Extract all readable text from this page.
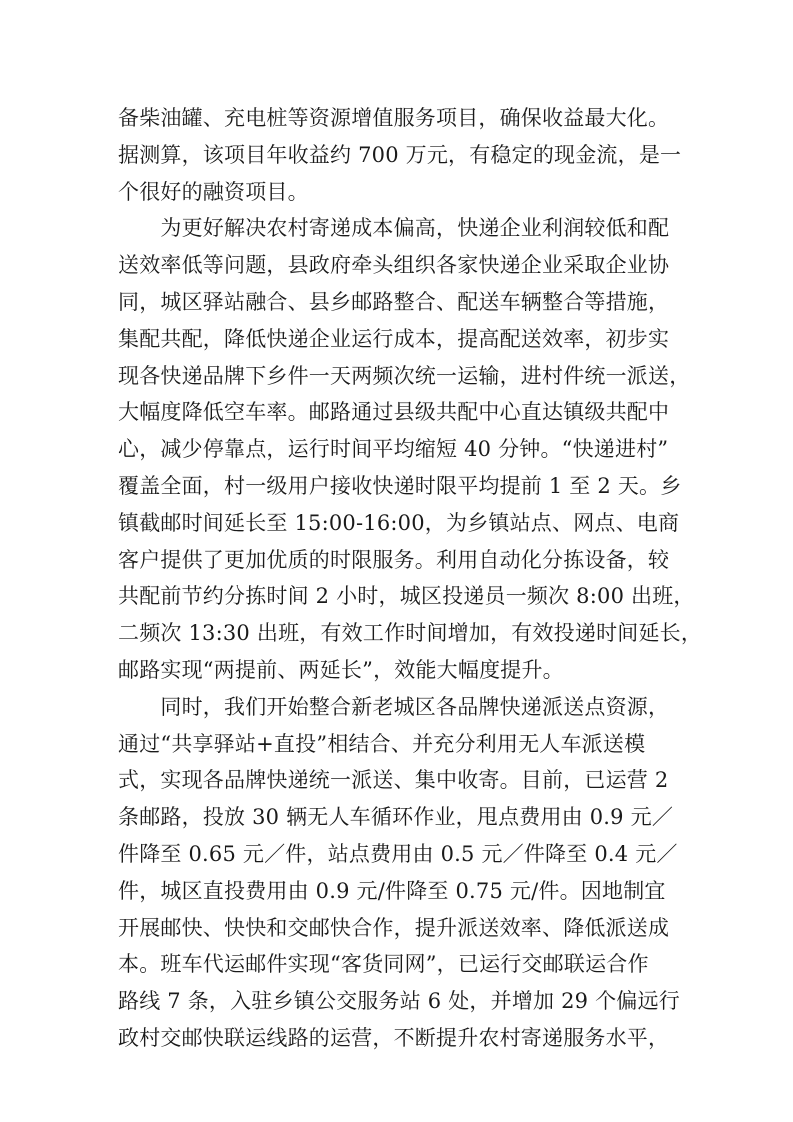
备柴油罐、充电桩等资源增值服务项目，确保收益最大化。
据测算，该项目年收益约 700 万元，有稳定的现金流，是一
个很好的融资项目。
　　为更好解决农村寄递成本偏高，快递企业利润较低和配
送效率低等问题，县政府牵头组织各家快递企业采取企业协
同，城区驿站融合、县乡邮路整合、配送车辆整合等措施，
集配共配，降低快递企业运行成本，提高配送效率，初步实
现各快递品牌下乡件一天两频次统一运输，进村件统一派送，
大幅度降低空车率。邮路通过县级共配中心直达镇级共配中
心，减少停靠点，运行时间平均缩短 40 分钟。“快递进村”
覆盖全面，村一级用户接收快递时限平均提前 1 至 2 天。乡
镇截邮时间延长至 15:00-16:00，为乡镇站点、网点、电商
客户提供了更加优质的时限服务。利用自动化分拣设备，较
共配前节约分拣时间 2 小时，城区投递员一频次 8:00 出班，
二频次 13:30 出班，有效工作时间增加，有效投递时间延长，
邮路实现“两提前、两延长”，效能大幅度提升。
　　同时，我们开始整合新老城区各品牌快递派送点资源，
通过“共享驿站+直投”相结合、并充分利用无人车派送模
式，实现各品牌快递统一派送、集中收寄。目前，已运营 2
条邮路，投放 30 辆无人车循环作业，甩点费用由 0.9 元／
件降至 0.65 元／件，站点费用由 0.5 元／件降至 0.4 元／
件，城区直投费用由 0.9 元/件降至 0.75 元/件。因地制宜
开展邮快、快快和交邮快合作，提升派送效率、降低派送成
本。班车代运邮件实现“客货同网”，已运行交邮联运合作
路线 7 条，入驻乡镇公交服务站 6 处，并增加 29 个偏远行
政村交邮快联运线路的运营，不断提升农村寄递服务水平，
